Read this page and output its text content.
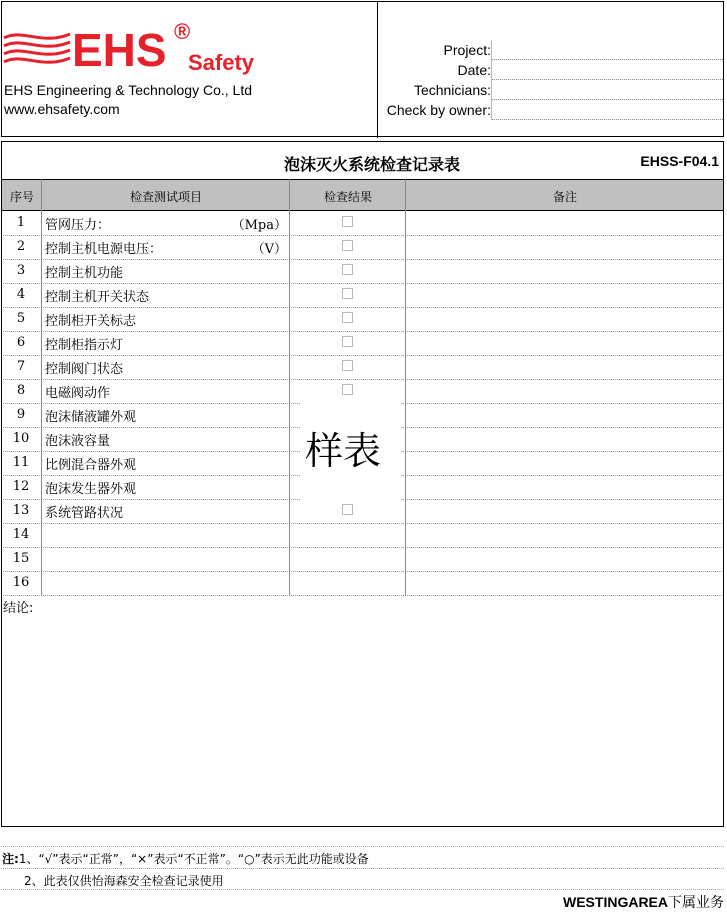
EHS ®
Safety
EHS Engineering & Technology Co., Ltd
www.ehsafety.com
Project:
Date:
Technicians:
Check by owner:
泡沫灭火系统检查记录表	EHSS-F04.1
序号	检查测试项目	检查结果	备注
1	管网压力：	（Mpa）
2	控制主机电源电压：	（V）
3	控制主机功能
4	控制主机开关状态
5	控制柜开关标志
6	控制柜指示灯
7	控制阀门状态
8	电磁阀动作
9	泡沫储液罐外观
10	泡沫液容量
11	比例混合器外观
12	泡沫发生器外观
13	系统管路状况
14
15
16
结论:
样表
注:1、“√”表示“正常”，“×”表示“不正常”。“○”表示无此功能或设备
2、此表仅供怡海森安全检查记录使用
WESTINGAREA下属业务
